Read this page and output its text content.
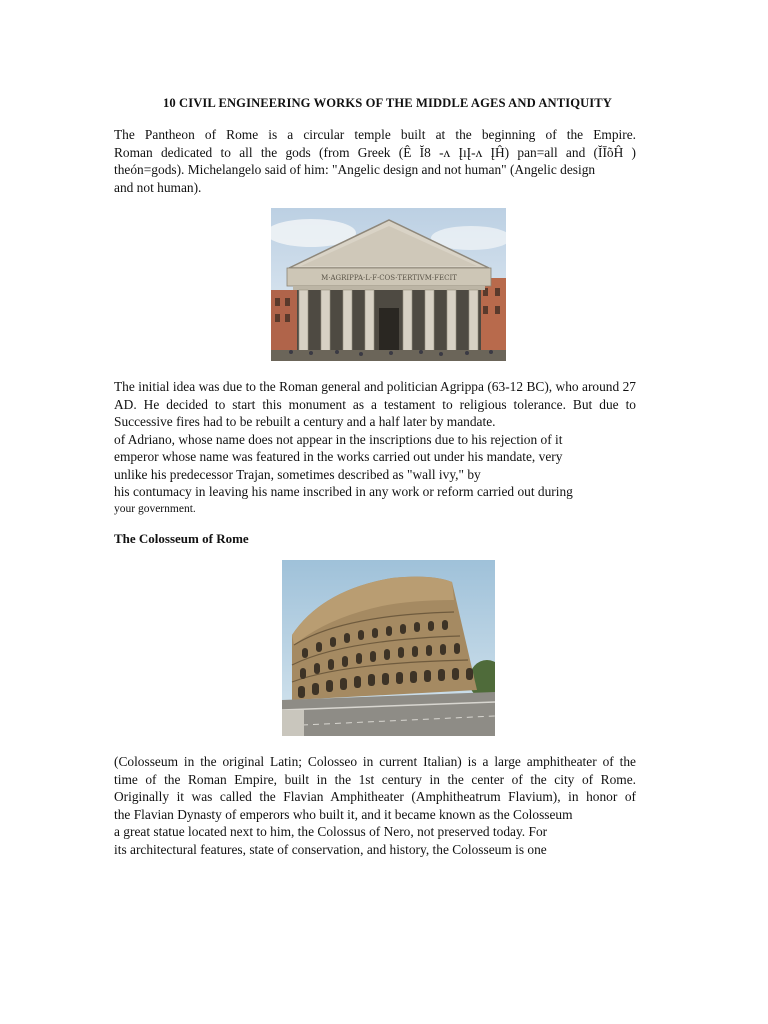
10 CIVIL ENGINEERING WORKS OF THE MIDDLE AGES AND ANTIQUITY
The Pantheon of Rome is a circular temple built at the beginning of the Empire.
Roman dedicated to all the gods (from Greek (Ê Ĭ8 -ʌ ĮıĮ-ʌ ĮĤ) pan=all and (ĬĪõĤ )
theón=gods). Michelangelo said of him: "Angelic design and not human" (Angelic design
and not human).
M·AGRIPPA·L·F·COS·TERTIVM·FECIT
The initial idea was due to the Roman general and politician Agrippa (63-12 BC), who around 27
AD. He decided to start this monument as a testament to religious tolerance. But due to
Successive fires had to be rebuilt a century and a half later by mandate.
of Adriano, whose name does not appear in the inscriptions due to his rejection of it
emperor whose name was featured in the works carried out under his mandate, very
unlike his predecessor Trajan, sometimes described as "wall ivy," by
his contumacy in leaving his name inscribed in any work or reform carried out during
your government.
The Colosseum of Rome
(Colosseum in the original Latin; Colosseo in current Italian) is a large amphitheater of the
time of the Roman Empire, built in the 1st century in the center of the city of Rome.
Originally it was called the Flavian Amphitheater (Amphitheatrum Flavium), in honor of
the Flavian Dynasty of emperors who built it, and it became known as the Colosseum
a great statue located next to him, the Colossus of Nero, not preserved today. For
its architectural features, state of conservation, and history, the Colosseum is one
